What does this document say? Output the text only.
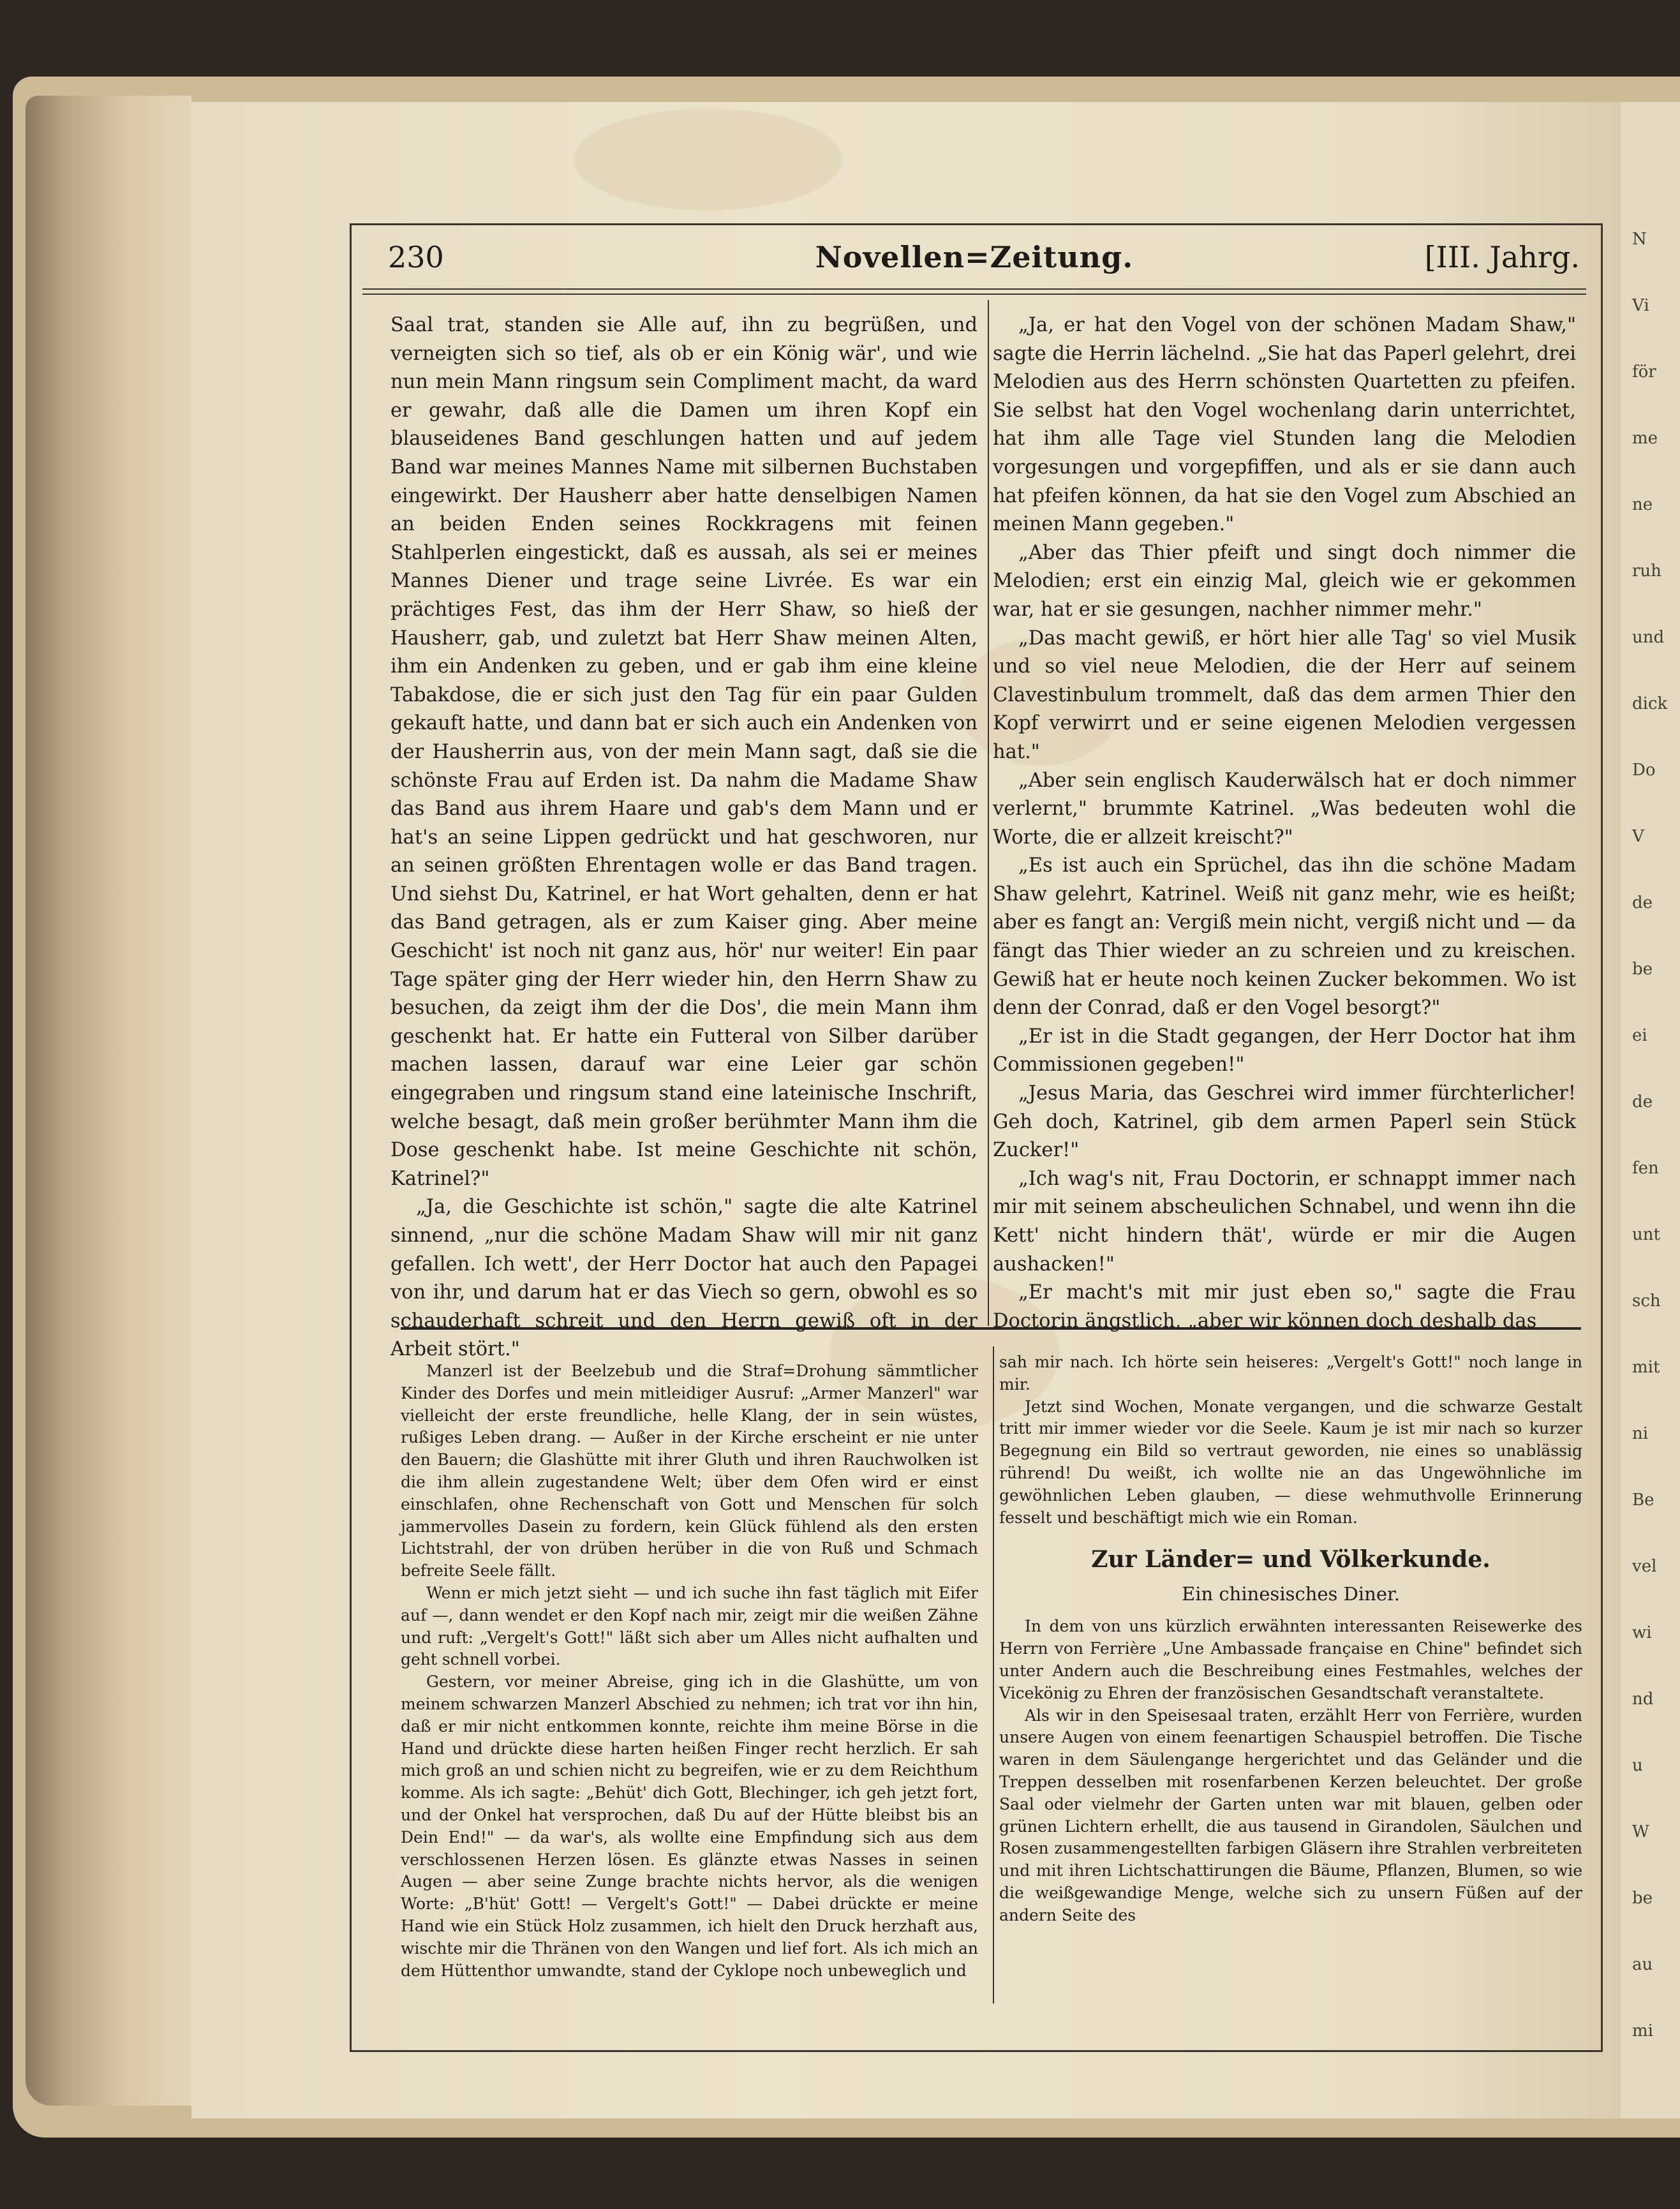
N
Vi
för
me
ne
ruh
und
dick
Do
V
de
be
ei
de
fen
unt
sch
mit
ni
Be
vel
wi
nd
u
W
be
au
mi
230	Novellen=Zeitung.	[III. Jahrg.

Saal trat, standen sie Alle auf, ihn zu begrüßen, und verneigten sich so tief, als ob er ein König wär', und wie nun mein Mann ringsum sein Compliment macht, da ward er gewahr, daß alle die Damen um ihren Kopf ein blauseidenes Band geschlungen hatten und auf jedem Band war meines Mannes Name mit silbernen Buchstaben eingewirkt. Der Hausherr aber hatte denselbigen Namen an beiden Enden seines Rockkragens mit feinen Stahlperlen eingestickt, daß es aussah, als sei er meines Mannes Diener und trage seine Livrée. Es war ein prächtiges Fest, das ihm der Herr Shaw, so hieß der Hausherr, gab, und zuletzt bat Herr Shaw meinen Alten, ihm ein Andenken zu geben, und er gab ihm eine kleine Tabakdose, die er sich just den Tag für ein paar Gulden gekauft hatte, und dann bat er sich auch ein Andenken von der Hausherrin aus, von der mein Mann sagt, daß sie die schönste Frau auf Erden ist. Da nahm die Madame Shaw das Band aus ihrem Haare und gab's dem Mann und er hat's an seine Lippen gedrückt und hat geschworen, nur an seinen größten Ehrentagen wolle er das Band tragen. Und siehst Du, Katrinel, er hat Wort gehalten, denn er hat das Band getragen, als er zum Kaiser ging. Aber meine Geschicht' ist noch nit ganz aus, hör' nur weiter! Ein paar Tage später ging der Herr wieder hin, den Herrn Shaw zu besuchen, da zeigt ihm der die Dos', die mein Mann ihm geschenkt hat. Er hatte ein Futteral von Silber darüber machen lassen, darauf war eine Leier gar schön eingegraben und ringsum stand eine lateinische Inschrift, welche besagt, daß mein großer berühmter Mann ihm die Dose geschenkt habe. Ist meine Geschichte nit schön, Katrinel?"

„Ja, die Geschichte ist schön," sagte die alte Katrinel sinnend, „nur die schöne Madam Shaw will mir nit ganz gefallen. Ich wett', der Herr Doctor hat auch den Papagei von ihr, und darum hat er das Viech so gern, obwohl es so schauderhaft schreit und den Herrn gewiß oft in der Arbeit stört."

„Ja, er hat den Vogel von der schönen Madam Shaw," sagte die Herrin lächelnd. „Sie hat das Paperl gelehrt, drei Melodien aus des Herrn schönsten Quartetten zu pfeifen. Sie selbst hat den Vogel wochenlang darin unterrichtet, hat ihm alle Tage viel Stunden lang die Melodien vorgesungen und vorgepfiffen, und als er sie dann auch hat pfeifen können, da hat sie den Vogel zum Abschied an meinen Mann gegeben."

„Aber das Thier pfeift und singt doch nimmer die Melodien; erst ein einzig Mal, gleich wie er gekommen war, hat er sie gesungen, nachher nimmer mehr."

„Das macht gewiß, er hört hier alle Tag' so viel Musik und so viel neue Melodien, die der Herr auf seinem Clavestinbulum trommelt, daß das dem armen Thier den Kopf verwirrt und er seine eigenen Melodien vergessen hat."

„Aber sein englisch Kauderwälsch hat er doch nimmer verlernt," brummte Katrinel. „Was bedeuten wohl die Worte, die er allzeit kreischt?"

„Es ist auch ein Sprüchel, das ihn die schöne Madam Shaw gelehrt, Katrinel. Weiß nit ganz mehr, wie es heißt; aber es fangt an: Vergiß mein nicht, vergiß nicht und — da fängt das Thier wieder an zu schreien und zu kreischen. Gewiß hat er heute noch keinen Zucker bekommen. Wo ist denn der Conrad, daß er den Vogel besorgt?"

„Er ist in die Stadt gegangen, der Herr Doctor hat ihm Commissionen gegeben!"

„Jesus Maria, das Geschrei wird immer fürchterlicher! Geh doch, Katrinel, gib dem armen Paperl sein Stück Zucker!"

„Ich wag's nit, Frau Doctorin, er schnappt immer nach mir mit seinem abscheulichen Schnabel, und wenn ihn die Kett' nicht hindern thät', würde er mir die Augen aushacken!"

„Er macht's mit mir just eben so," sagte die Frau Doctorin ängstlich, „aber wir können doch deshalb das

Manzerl ist der Beelzebub und die Straf=Drohung sämmtlicher Kinder des Dorfes und mein mitleidiger Ausruf: „Armer Manzerl" war vielleicht der erste freundliche, helle Klang, der in sein wüstes, rußiges Leben drang. — Außer in der Kirche erscheint er nie unter den Bauern; die Glashütte mit ihrer Gluth und ihren Rauchwolken ist die ihm allein zugestandene Welt; über dem Ofen wird er einst einschlafen, ohne Rechenschaft von Gott und Menschen für solch jammervolles Dasein zu fordern, kein Glück fühlend als den ersten Lichtstrahl, der von drüben herüber in die von Ruß und Schmach befreite Seele fällt.

Wenn er mich jetzt sieht — und ich suche ihn fast täglich mit Eifer auf —, dann wendet er den Kopf nach mir, zeigt mir die weißen Zähne und ruft: „Vergelt's Gott!" läßt sich aber um Alles nicht aufhalten und geht schnell vorbei.

Gestern, vor meiner Abreise, ging ich in die Glashütte, um von meinem schwarzen Manzerl Abschied zu nehmen; ich trat vor ihn hin, daß er mir nicht entkommen konnte, reichte ihm meine Börse in die Hand und drückte diese harten heißen Finger recht herzlich. Er sah mich groß an und schien nicht zu begreifen, wie er zu dem Reichthum komme. Als ich sagte: „Behüt' dich Gott, Blechinger, ich geh jetzt fort, und der Onkel hat versprochen, daß Du auf der Hütte bleibst bis an Dein End!" — da war's, als wollte eine Empfindung sich aus dem verschlossenen Herzen lösen. Es glänzte etwas Nasses in seinen Augen — aber seine Zunge brachte nichts hervor, als die wenigen Worte: „B'hüt' Gott! — Vergelt's Gott!" — Dabei drückte er meine Hand wie ein Stück Holz zusammen, ich hielt den Druck herzhaft aus, wischte mir die Thränen von den Wangen und lief fort. Als ich mich an dem Hüttenthor umwandte, stand der Cyklope noch unbeweglich und

sah mir nach. Ich hörte sein heiseres: „Vergelt's Gott!" noch lange in mir.

Jetzt sind Wochen, Monate vergangen, und die schwarze Gestalt tritt mir immer wieder vor die Seele. Kaum je ist mir nach so kurzer Begegnung ein Bild so vertraut geworden, nie eines so unablässig rührend! Du weißt, ich wollte nie an das Ungewöhnliche im gewöhnlichen Leben glauben, — diese wehmuthvolle Erinnerung fesselt und beschäftigt mich wie ein Roman.

Zur Länder= und Völkerkunde.
Ein chinesisches Diner.

In dem von uns kürzlich erwähnten interessanten Reisewerke des Herrn von Ferrière „Une Ambassade française en Chine" befindet sich unter Andern auch die Beschreibung eines Festmahles, welches der Vicekönig zu Ehren der französischen Gesandtschaft veranstaltete.

Als wir in den Speisesaal traten, erzählt Herr von Ferrière, wurden unsere Augen von einem feenartigen Schauspiel betroffen. Die Tische waren in dem Säulengange hergerichtet und das Geländer und die Treppen desselben mit rosenfarbenen Kerzen beleuchtet. Der große Saal oder vielmehr der Garten unten war mit blauen, gelben oder grünen Lichtern erhellt, die aus tausend in Girandolen, Säulchen und Rosen zusammengestellten farbigen Gläsern ihre Strahlen verbreiteten und mit ihren Lichtschattirungen die Bäume, Pflanzen, Blumen, so wie die weißgewandige Menge, welche sich zu unsern Füßen auf der andern Seite des
